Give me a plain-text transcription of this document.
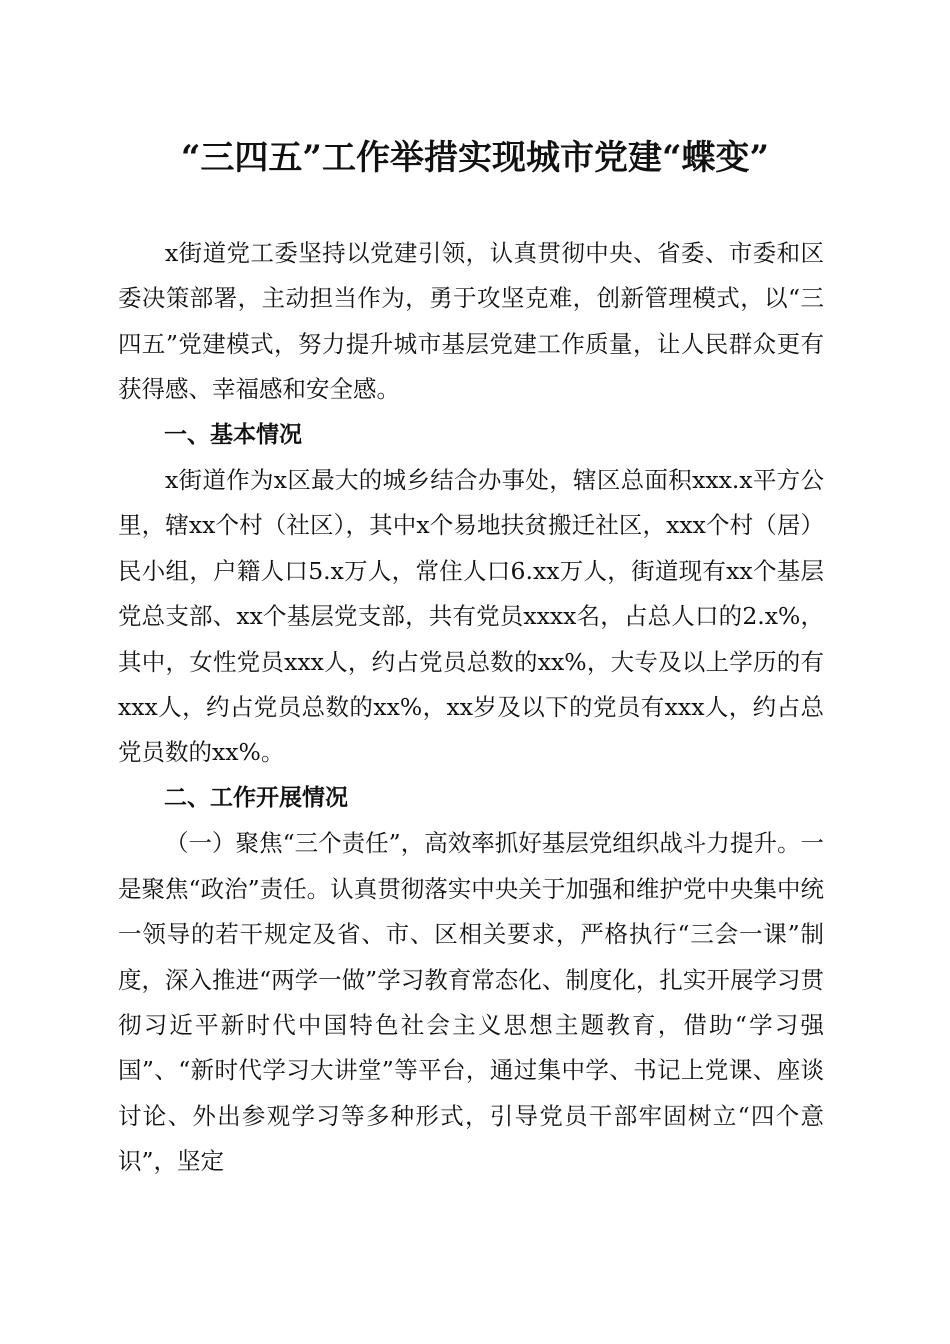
“三四五”工作举措实现城市党建“蝶变”

x街道党工委坚持以党建引领，认真贯彻中央、省委、市委和区委决策部署，主动担当作为，勇于攻坚克难，创新管理模式，以“三四五”党建模式，努力提升城市基层党建工作质量，让人民群众更有获得感、幸福感和安全感。

一、基本情况

x街道作为x区最大的城乡结合办事处，辖区总面积xxx.x平方公里，辖xx个村（社区），其中x个易地扶贫搬迁社区，xxx个村（居）民小组，户籍人口5.x万人，常住人口6.xx万人，街道现有xx个基层党总支部、xx个基层党支部，共有党员xxxx名，占总人口的2.x%，其中，女性党员xxx人，约占党员总数的xx%，大专及以上学历的有xxx人，约占党员总数的xx%，xx岁及以下的党员有xxx人，约占总党员数的xx%。

二、工作开展情况

（一）聚焦“三个责任”，高效率抓好基层党组织战斗力提升。一是聚焦“政治”责任。认真贯彻落实中央关于加强和维护党中央集中统一领导的若干规定及省、市、区相关要求，严格执行“三会一课”制度，深入推进“两学一做”学习教育常态化、制度化，扎实开展学习贯彻习近平新时代中国特色社会主义思想主题教育，借助“学习强国”、“新时代学习大讲堂”等平台，通过集中学、书记上党课、座谈讨论、外出参观学习等多种形式，引导党员干部牢固树立“四个意识”，坚定
